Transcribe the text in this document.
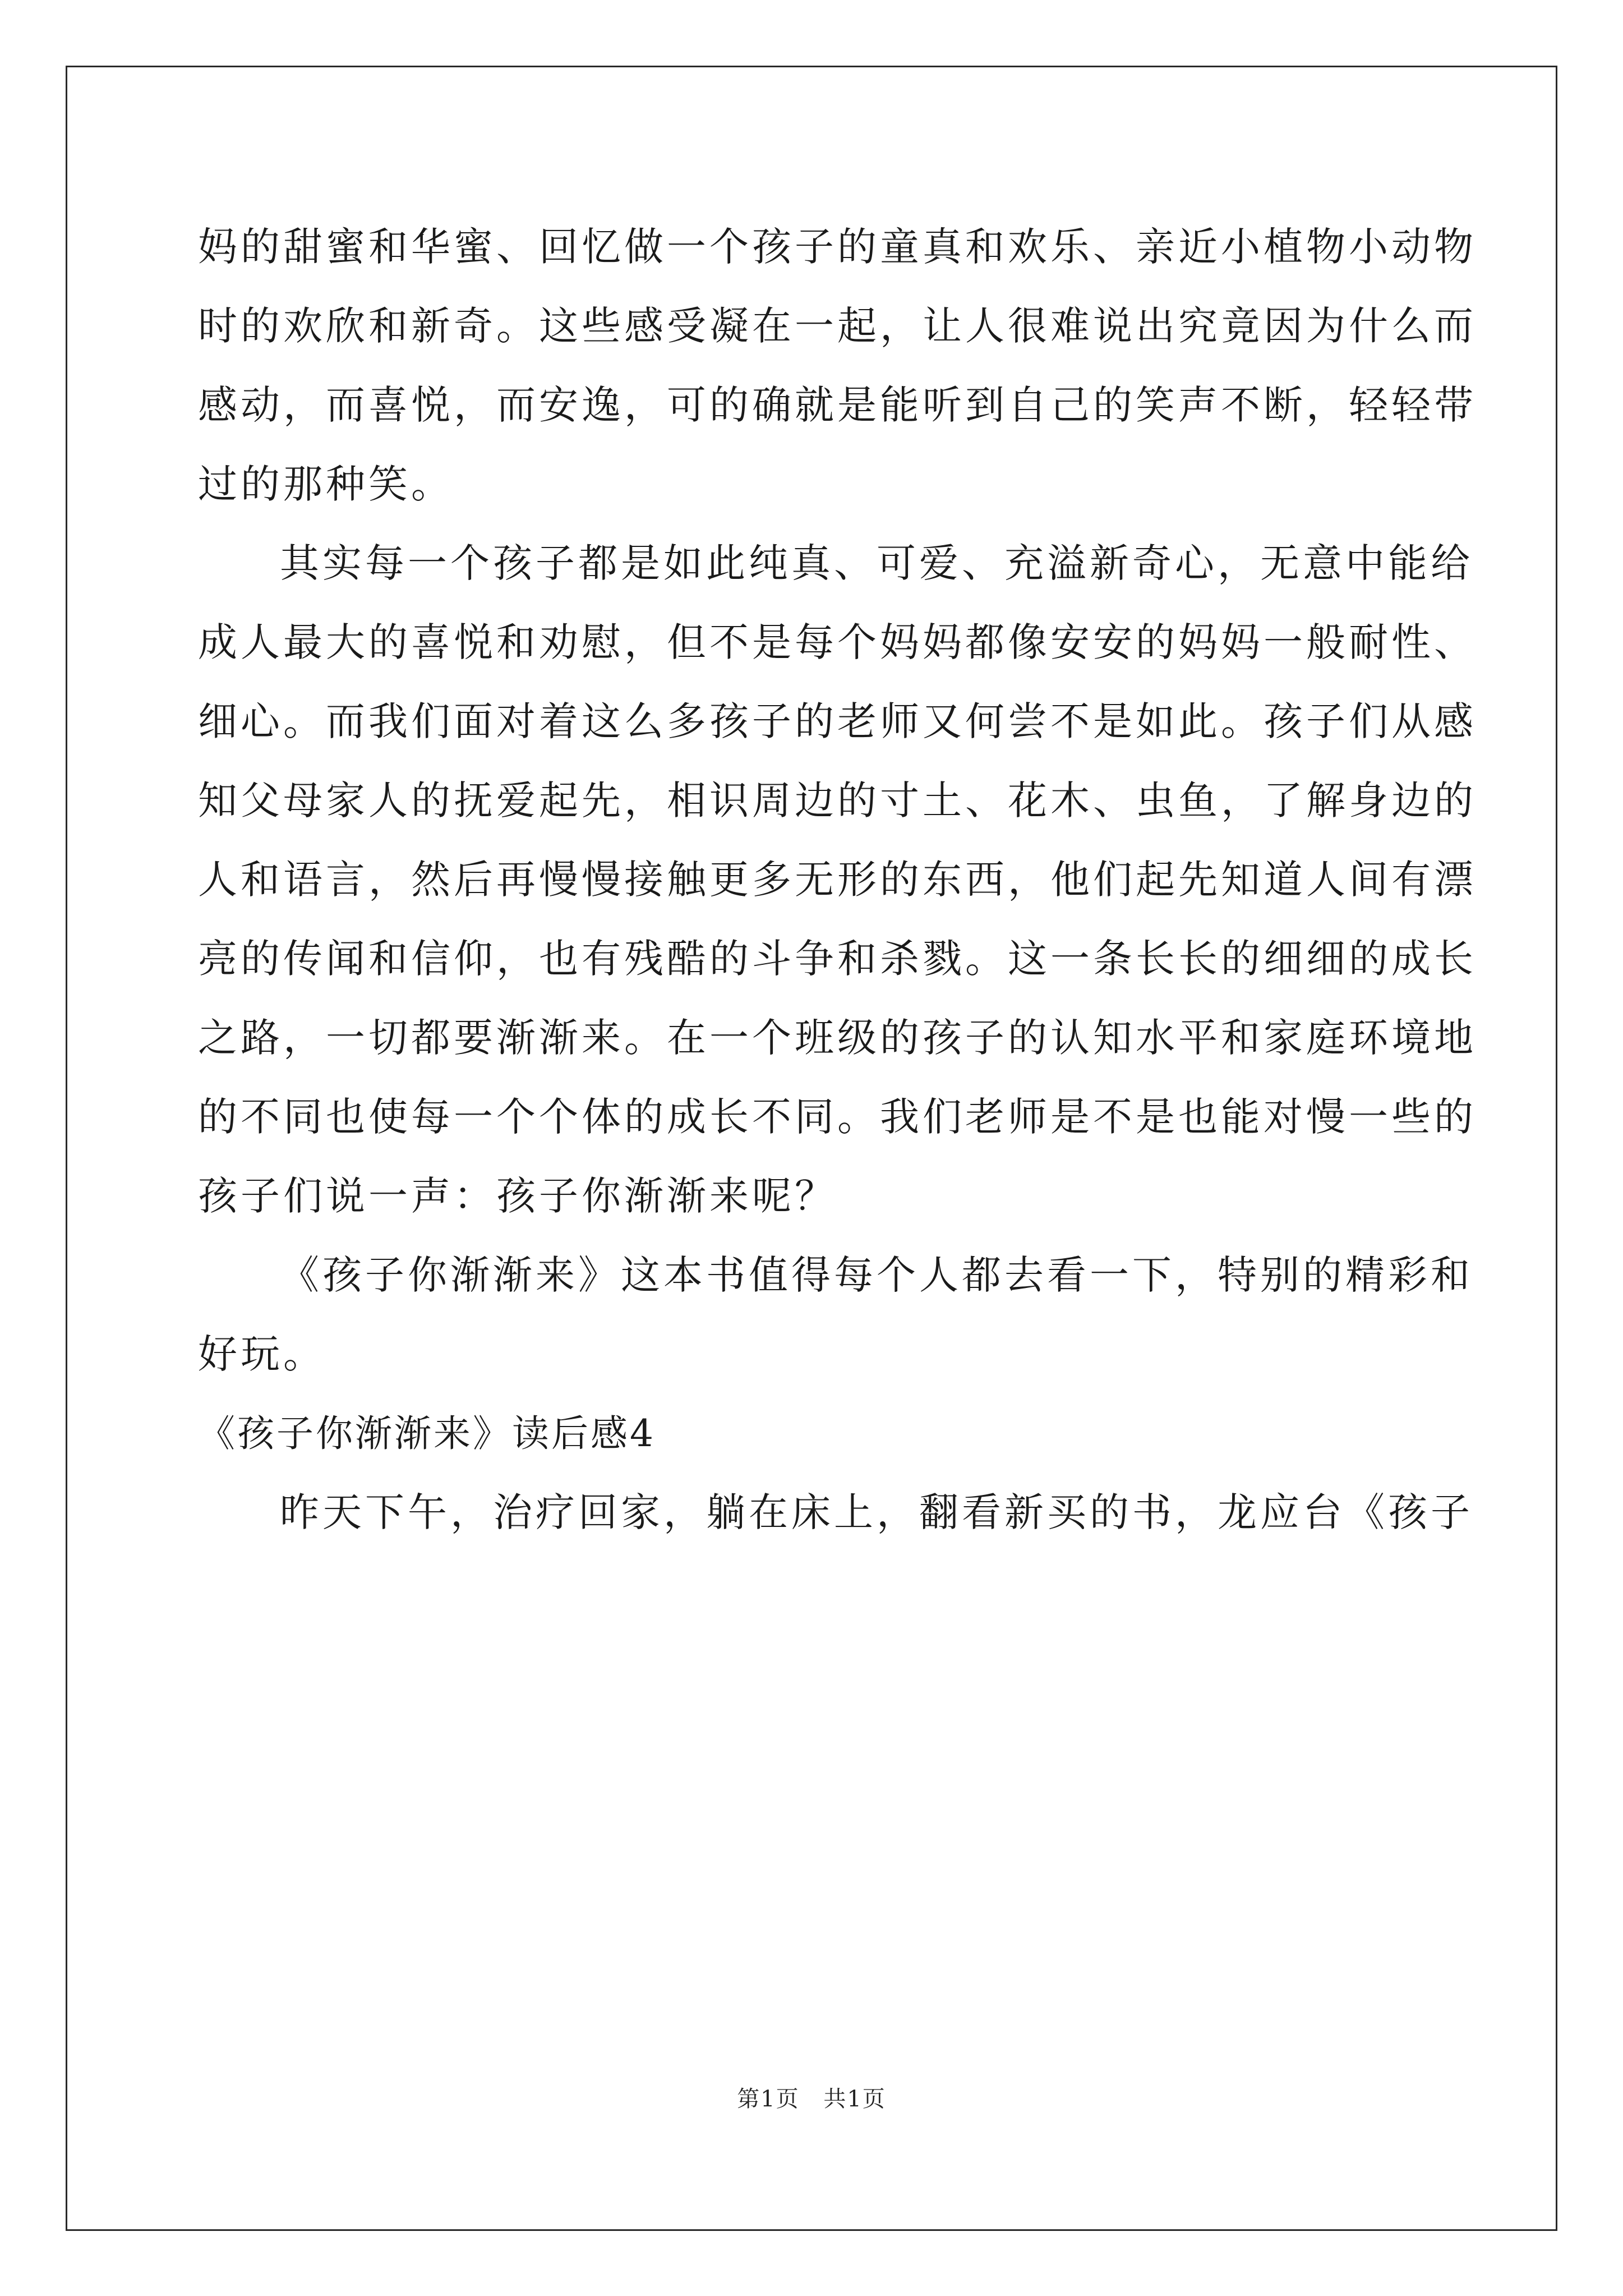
妈的甜蜜和华蜜、回忆做一个孩子的童真和欢乐、亲近小植物小动物
时的欢欣和新奇。这些感受凝在一起，让人很难说出究竟因为什么而
感动，而喜悦，而安逸，可的确就是能听到自己的笑声不断，轻轻带
过的那种笑。
其实每一个孩子都是如此纯真、可爱、充溢新奇心，无意中能给
成人最大的喜悦和劝慰，但不是每个妈妈都像安安的妈妈一般耐性、
细心。而我们面对着这么多孩子的老师又何尝不是如此。孩子们从感
知父母家人的抚爱起先，相识周边的寸土、花木、虫鱼，了解身边的
人和语言，然后再慢慢接触更多无形的东西，他们起先知道人间有漂
亮的传闻和信仰，也有残酷的斗争和杀戮。这一条长长的细细的成长
之路，一切都要渐渐来。在一个班级的孩子的认知水平和家庭环境地
的不同也使每一个个体的成长不同。我们老师是不是也能对慢一些的
孩子们说一声：孩子你渐渐来呢？
《孩子你渐渐来》这本书值得每个人都去看一下，特别的精彩和
好玩。
《孩子你渐渐来》读后感4
昨天下午，治疗回家，躺在床上，翻看新买的书，龙应台《孩子
第1页 共1页
